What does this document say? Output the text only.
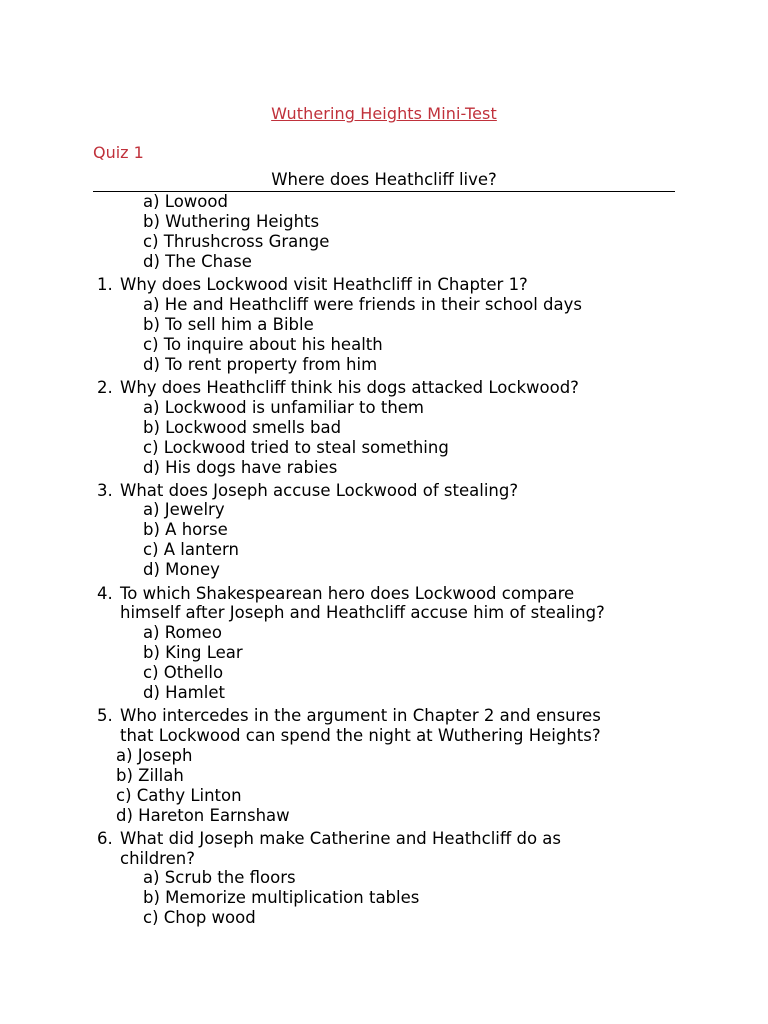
Wuthering Heights Mini-Test
Quiz 1
Where does Heathcliff live?
a) Lowood
b) Wuthering Heights
c) Thrushcross Grange
d) The Chase
1. Why does Lockwood visit Heathcliff in Chapter 1?
a) He and Heathcliff were friends in their school days
b) To sell him a Bible
c) To inquire about his health
d) To rent property from him
2. Why does Heathcliff think his dogs attacked Lockwood?
a) Lockwood is unfamiliar to them
b) Lockwood smells bad
c) Lockwood tried to steal something
d) His dogs have rabies
3. What does Joseph accuse Lockwood of stealing?
a) Jewelry
b) A horse
c) A lantern
d) Money
4. To which Shakespearean hero does Lockwood compare
himself after Joseph and Heathcliff accuse him of stealing?
a) Romeo
b) King Lear
c) Othello
d) Hamlet
5. Who intercedes in the argument in Chapter 2 and ensures
that Lockwood can spend the night at Wuthering Heights?
a) Joseph
b) Zillah
c) Cathy Linton
d) Hareton Earnshaw
6. What did Joseph make Catherine and Heathcliff do as
children?
a) Scrub the floors
b) Memorize multiplication tables
c) Chop wood
